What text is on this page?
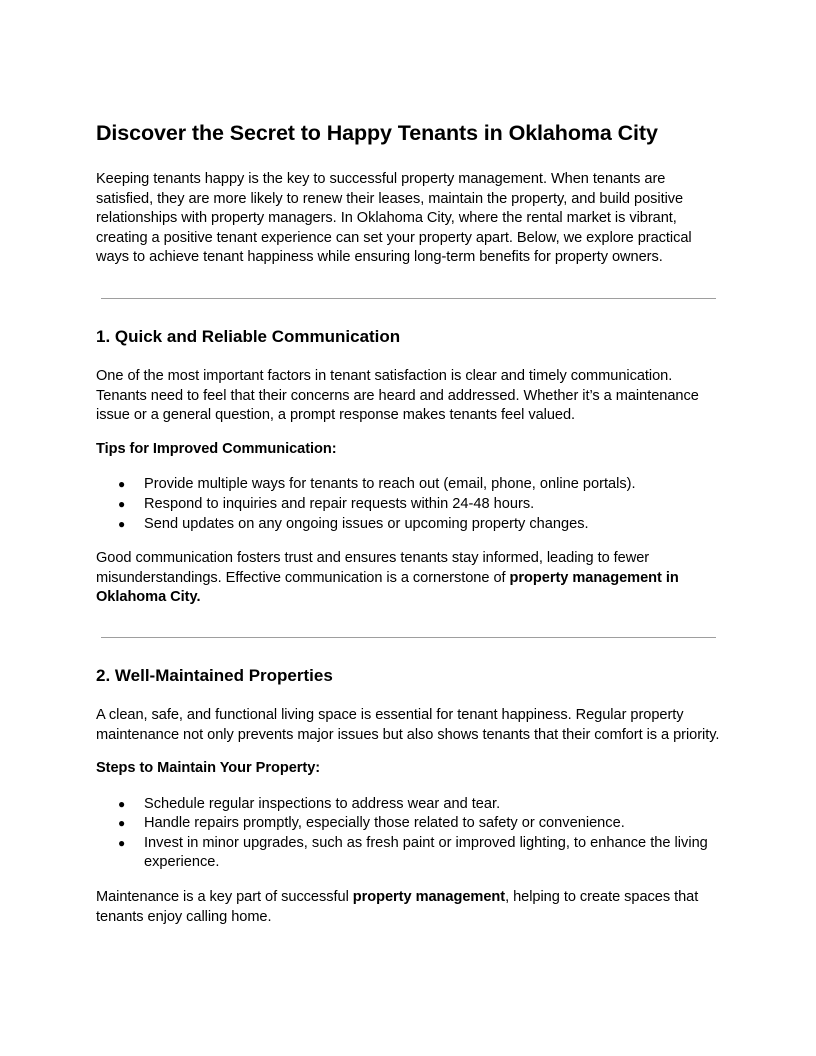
Discover the Secret to Happy Tenants in Oklahoma City

Keeping tenants happy is the key to successful property management. When tenants are satisfied, they are more likely to renew their leases, maintain the property, and build positive relationships with property managers. In Oklahoma City, where the rental market is vibrant, creating a positive tenant experience can set your property apart. Below, we explore practical ways to achieve tenant happiness while ensuring long-term benefits for property owners.

1. Quick and Reliable Communication

One of the most important factors in tenant satisfaction is clear and timely communication. Tenants need to feel that their concerns are heard and addressed. Whether it’s a maintenance issue or a general question, a prompt response makes tenants feel valued.

Tips for Improved Communication:

● Provide multiple ways for tenants to reach out (email, phone, online portals).
● Respond to inquiries and repair requests within 24-48 hours.
● Send updates on any ongoing issues or upcoming property changes.

Good communication fosters trust and ensures tenants stay informed, leading to fewer misunderstandings. Effective communication is a cornerstone of property management in Oklahoma City.

2. Well-Maintained Properties

A clean, safe, and functional living space is essential for tenant happiness. Regular property maintenance not only prevents major issues but also shows tenants that their comfort is a priority.

Steps to Maintain Your Property:

● Schedule regular inspections to address wear and tear.
● Handle repairs promptly, especially those related to safety or convenience.
● Invest in minor upgrades, such as fresh paint or improved lighting, to enhance the living experience.

Maintenance is a key part of successful property management, helping to create spaces that tenants enjoy calling home.
